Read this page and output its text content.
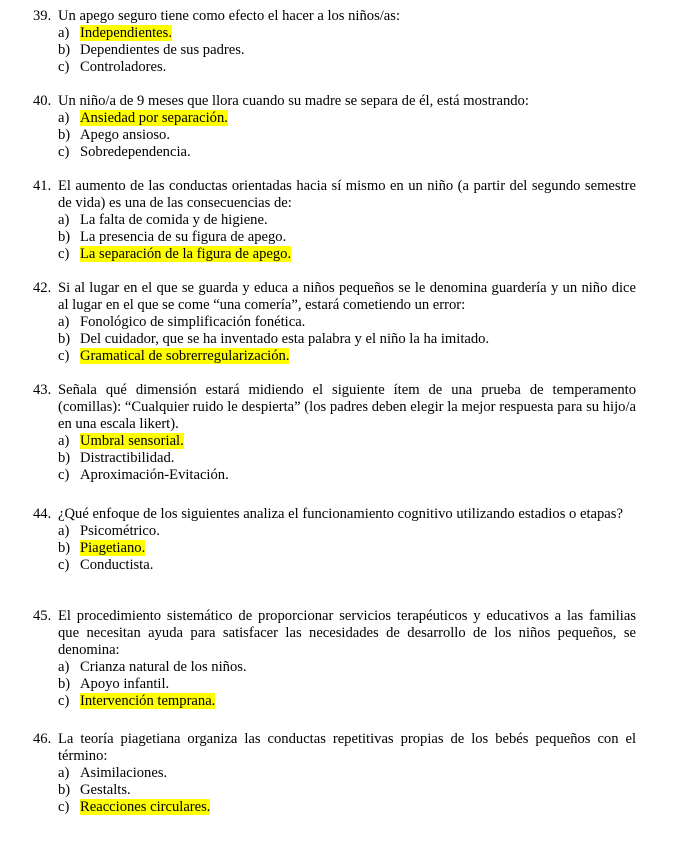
39. Un apego seguro tiene como efecto el hacer a los niños/as:
a) Independientes.
b) Dependientes de sus padres.
c) Controladores.
40. Un niño/a de 9 meses que llora cuando su madre se separa de él, está mostrando:
a) Ansiedad por separación.
b) Apego ansioso.
c) Sobredependencia.
41. El aumento de las conductas orientadas hacia sí mismo en un niño (a partir del segundo semestre de vida) es una de las consecuencias de:
a) La falta de comida y de higiene.
b) La presencia de su figura de apego.
c) La separación de la figura de apego.
42. Si al lugar en el que se guarda y educa a niños pequeños se le denomina guardería y un niño dice al lugar en el que se come “una comería”, estará cometiendo un error:
a) Fonológico de simplificación fonética.
b) Del cuidador, que se ha inventado esta palabra y el niño la ha imitado.
c) Gramatical de sobrerregularización.
43. Señala qué dimensión estará midiendo el siguiente ítem de una prueba de temperamento (comillas): “Cualquier ruido le despierta” (los padres deben elegir la mejor respuesta para su hijo/a en una escala likert).
a) Umbral sensorial.
b) Distractibilidad.
c) Aproximación-Evitación.
44. ¿Qué enfoque de los siguientes analiza el funcionamiento cognitivo utilizando estadios o etapas?
a) Psicométrico.
b) Piagetiano.
c) Conductista.
45. El procedimiento sistemático de proporcionar servicios terapéuticos y educativos a las familias que necesitan ayuda para satisfacer las necesidades de desarrollo de los niños pequeños, se denomina:
a) Crianza natural de los niños.
b) Apoyo infantil.
c) Intervención temprana.
46. La teoría piagetiana organiza las conductas repetitivas propias de los bebés pequeños con el término:
a) Asimilaciones.
b) Gestalts.
c) Reacciones circulares.
